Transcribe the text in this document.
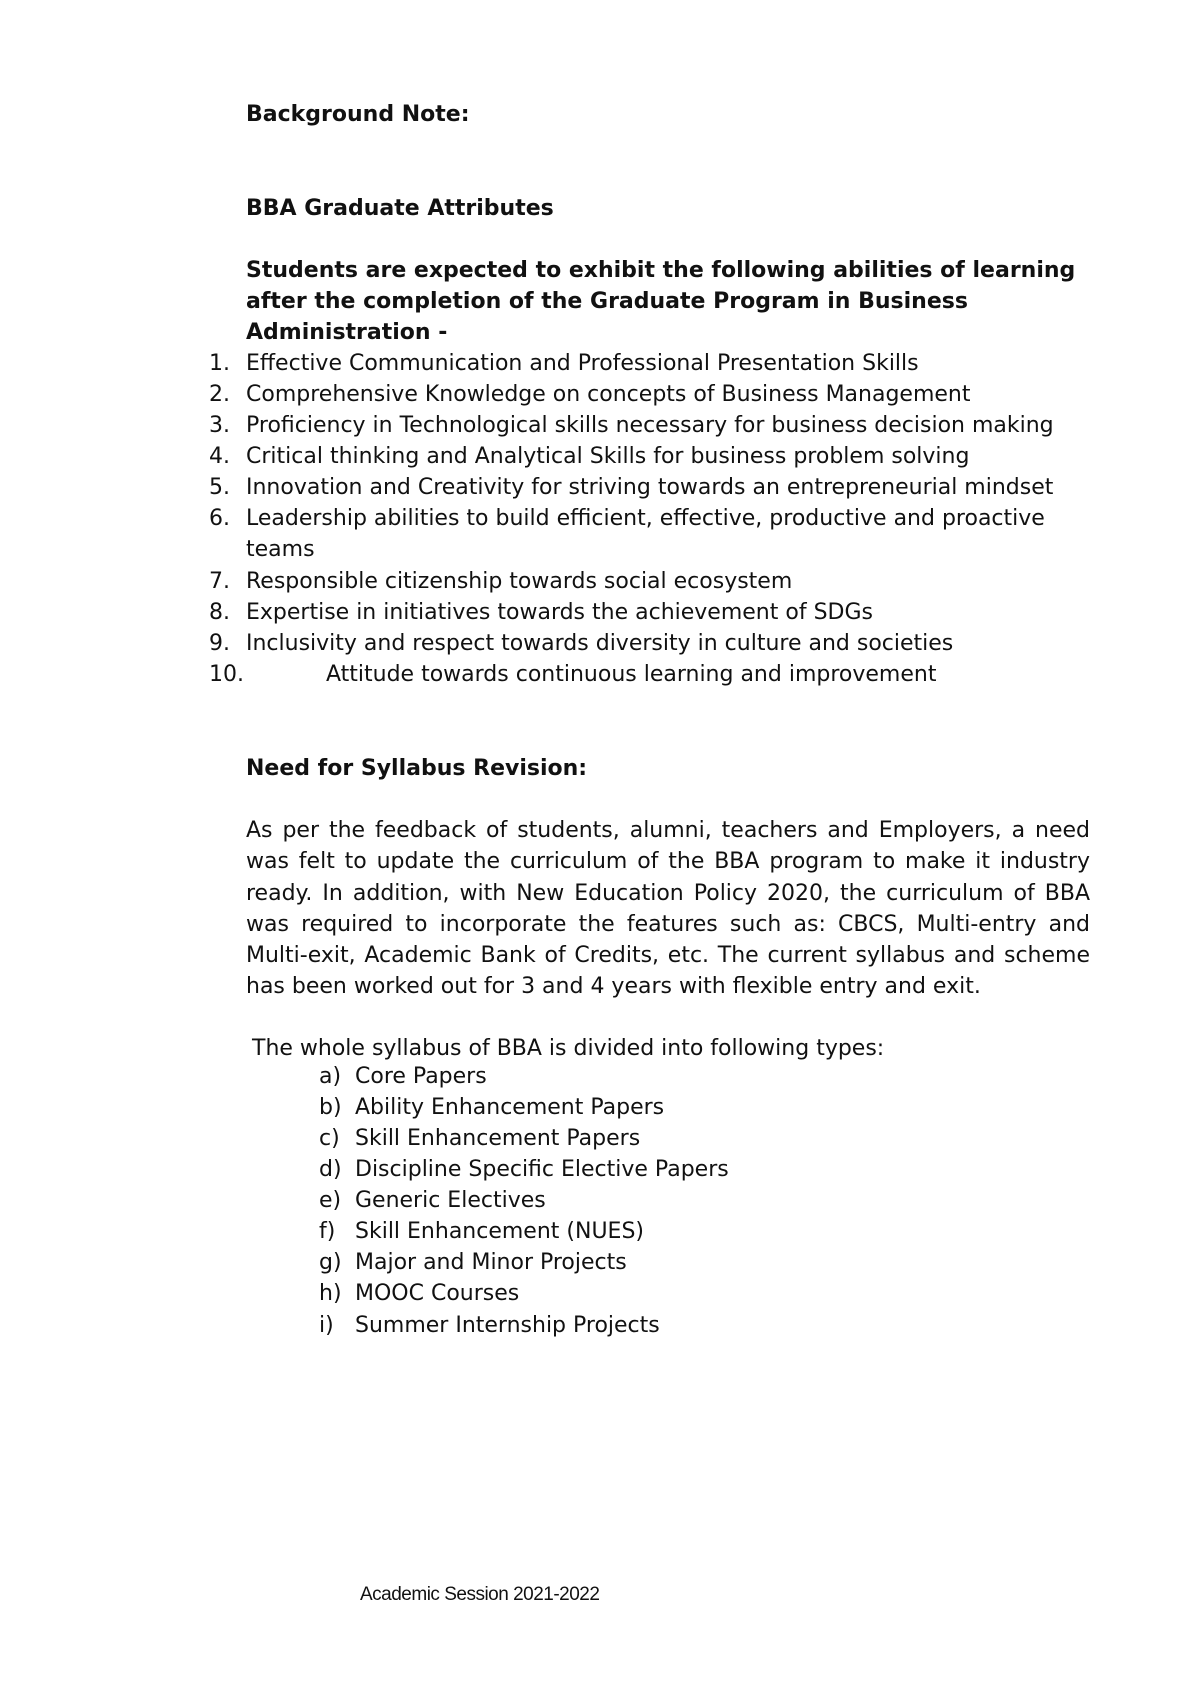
Background Note:
BBA Graduate Attributes
Students are expected to exhibit the following abilities of learning
after the completion of the Graduate Program in Business
Administration -
1. Effective Communication and Professional Presentation Skills
2. Comprehensive Knowledge on concepts of Business Management
3. Proficiency in Technological skills necessary for business decision making
4. Critical thinking and Analytical Skills for business problem solving
5. Innovation and Creativity for striving towards an entrepreneurial mindset
6. Leadership abilities to build efficient, effective, productive and proactive
teams
7. Responsible citizenship towards social ecosystem
8. Expertise in initiatives towards the achievement of SDGs
9. Inclusivity and respect towards diversity in culture and societies
10.	Attitude towards continuous learning and improvement
Need for Syllabus Revision:
As per the feedback of students, alumni, teachers and Employers, a need was felt to update the curriculum of the BBA program to make it industry ready. In addition, with New Education Policy 2020, the curriculum of BBA was required to incorporate the features such as: CBCS, Multi-entry and Multi-exit, Academic Bank of Credits, etc. The current syllabus and scheme has been worked out for 3 and 4 years with flexible entry and exit.
The whole syllabus of BBA is divided into following types:
a) Core Papers
b) Ability Enhancement Papers
c) Skill Enhancement Papers
d) Discipline Specific Elective Papers
e) Generic Electives
f) Skill Enhancement (NUES)
g) Major and Minor Projects
h) MOOC Courses
i) Summer Internship Projects
Academic Session 2021-2022
